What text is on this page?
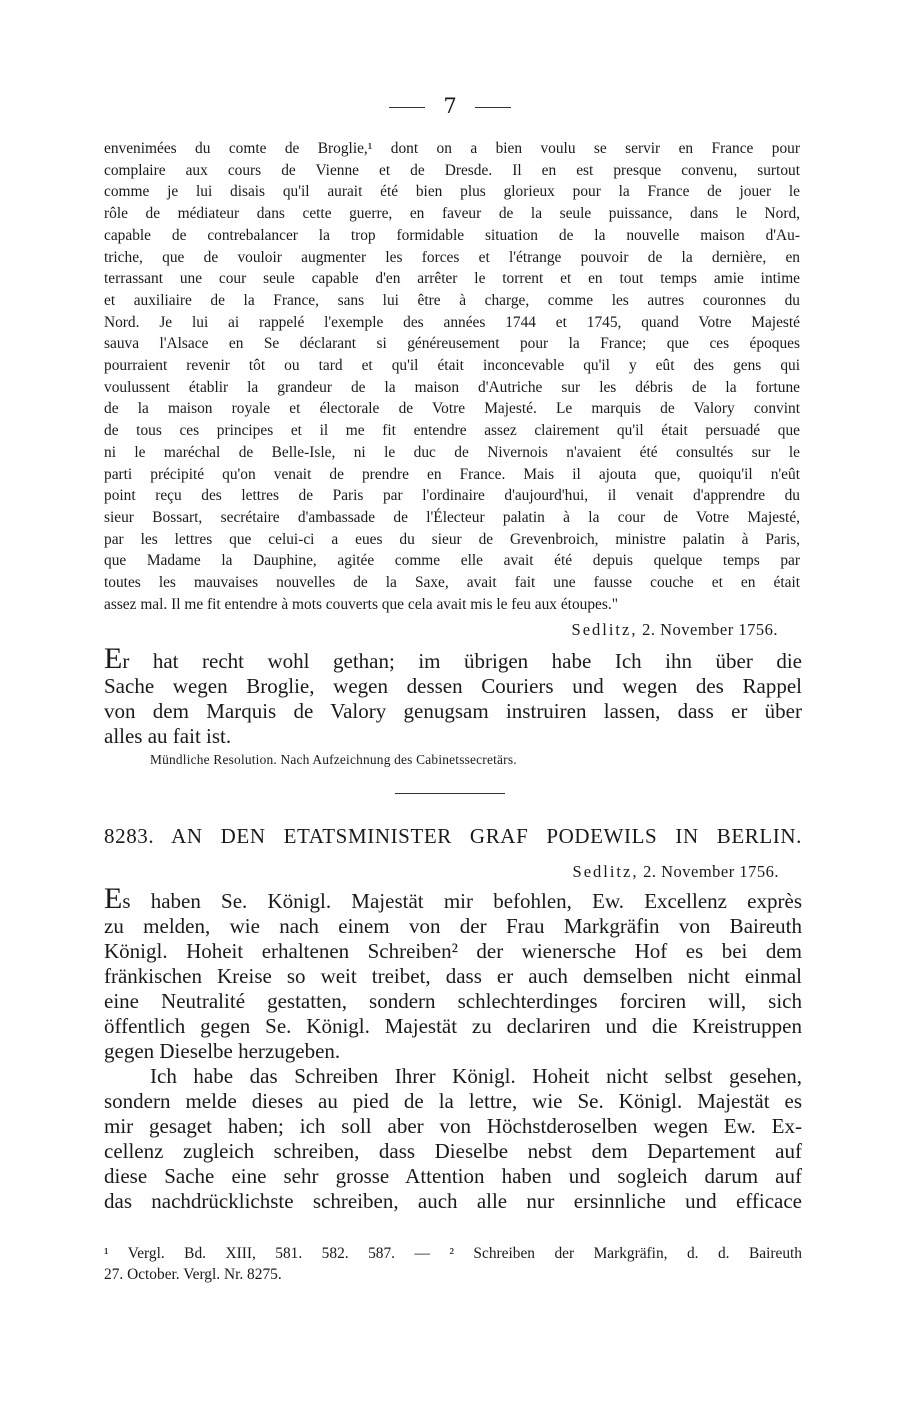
7

envenimées du comte de Broglie,¹ dont on a bien voulu se servir en France pour

complaire aux cours de Vienne et de Dresde. Il en est presque convenu, surtout

comme je lui disais qu'il aurait été bien plus glorieux pour la France de jouer le

rôle de médiateur dans cette guerre, en faveur de la seule puissance, dans le Nord,

capable de contrebalancer la trop formidable situation de la nouvelle maison d'Au-

triche, que de vouloir augmenter les forces et l'étrange pouvoir de la dernière, en

terrassant une cour seule capable d'en arrêter le torrent et en tout temps amie intime

et auxiliaire de la France, sans lui être à charge, comme les autres couronnes du

Nord. Je lui ai rappelé l'exemple des années 1744 et 1745, quand Votre Majesté

sauva l'Alsace en Se déclarant si généreusement pour la France; que ces époques

pourraient revenir tôt ou tard et qu'il était inconcevable qu'il y eût des gens qui

voulussent établir la grandeur de la maison d'Autriche sur les débris de la fortune

de la maison royale et électorale de Votre Majesté. Le marquis de Valory convint

de tous ces principes et il me fit entendre assez clairement qu'il était persuadé que

ni le maréchal de Belle-Isle, ni le duc de Nivernois n'avaient été consultés sur le

parti précipité qu'on venait de prendre en France. Mais il ajouta que, quoiqu'il n'eût

point reçu des lettres de Paris par l'ordinaire d'aujourd'hui, il venait d'apprendre du

sieur Bossart, secrétaire d'ambassade de l'Électeur palatin à la cour de Votre Majesté,

par les lettres que celui-ci a eues du sieur de Grevenbroich, ministre palatin à Paris,

que Madame la Dauphine, agitée comme elle avait été depuis quelque temps par

toutes les mauvaises nouvelles de la Saxe, avait fait une fausse couche et en était

assez mal. Il me fit entendre à mots couverts que cela avait mis le feu aux étoupes."

Sedlitz, 2. November 1756.
Er hat recht wohl gethan; im übrigen habe Ich ihn über die
Sache wegen Broglie, wegen dessen Couriers und wegen des Rappel
von dem Marquis de Valory genugsam instruiren lassen, dass er über
alles au fait ist.
Mündliche Resolution. Nach Aufzeichnung des Cabinetssecretärs.
8283. AN DEN ETATSMINISTER GRAF PODEWILS IN BERLIN.
Sedlitz, 2. November 1756.
Es haben Se. Königl. Majestät mir befohlen, Ew. Excellenz exprès
zu melden, wie nach einem von der Frau Markgräfin von Baireuth
Königl. Hoheit erhaltenen Schreiben² der wienersche Hof es bei dem
fränkischen Kreise so weit treibet, dass er auch demselben nicht einmal
eine Neutralité gestatten, sondern schlechterdinges forciren will, sich
öffentlich gegen Se. Königl. Majestät zu declariren und die Kreistruppen
gegen Dieselbe herzugeben.
Ich habe das Schreiben Ihrer Königl. Hoheit nicht selbst gesehen,
sondern melde dieses au pied de la lettre, wie Se. Königl. Majestät es
mir gesaget haben; ich soll aber von Höchstderoselben wegen Ew. Ex-
cellenz zugleich schreiben, dass Dieselbe nebst dem Departement auf
diese Sache eine sehr grosse Attention haben und sogleich darum auf
das nachdrücklichste schreiben, auch alle nur ersinnliche und efficace
¹ Vergl. Bd. XIII, 581. 582. 587. — ² Schreiben der Markgräfin, d. d. Baireuth
27. October. Vergl. Nr. 8275.
